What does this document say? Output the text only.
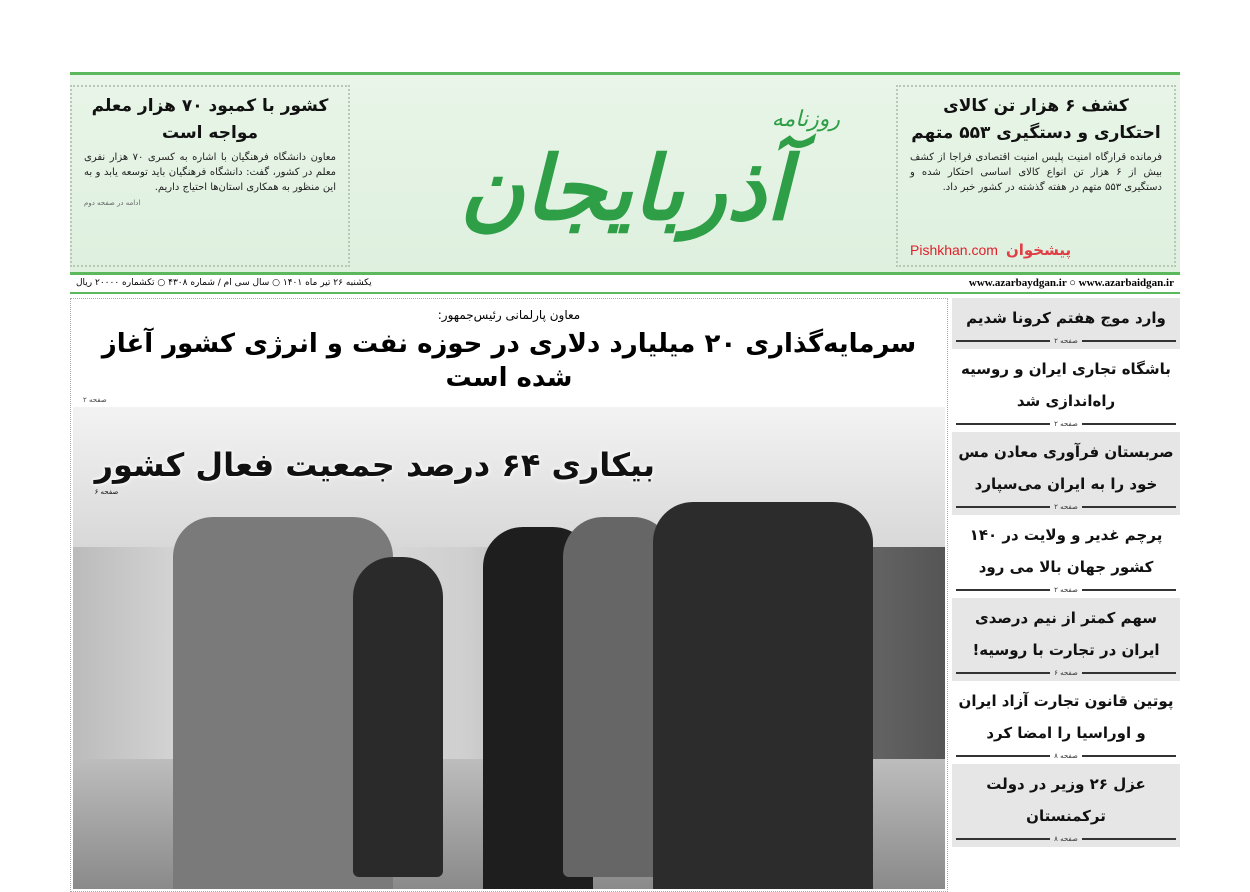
کشف ۶ هزار تن کالای احتکاری و دستگیری ۵۵۳ متهم

فرمانده قرارگاه امنیت پلیس امنیت اقتصادی فراجا از کشف بیش از ۶ هزار تن انواع کالای اساسی احتکار شده و دستگیری ۵۵۳ متهم در هفته گذشته در کشور خبر داد.

Pishkhan.com پیشخوان
روزنامه
آذربایجان
کشور با کمبود ۷۰ هزار معلم مواجه است

معاون دانشگاه فرهنگیان با اشاره به کسری ۷۰ هزار نفری معلم در کشور، گفت: دانشگاه فرهنگیان باید توسعه یابد و به این منظور به همکاری استان‌ها احتیاج داریم.

ادامه در صفحه دوم
www.azarbaydgan.ir ○ www.azarbaidgan.ir
یکشنبه ۲۶ تیر ماه ۱۴۰۱ ○ سال سی ام / شماره ۴۳۰۸ ○ تکشماره ۲۰۰۰۰ ریال
معاون پارلمانی رئیس‌جمهور:
سرمایه‌گذاری ۲۰ میلیارد دلاری در حوزه نفت و انرژی کشور آغاز شده است
صفحه ۲
بیکاری ۶۴ درصد جمعیت فعال کشور
صفحه ۶
وارد موج هفتم کرونا شدیم
صفحه ۲
باشگاه تجاری ایران و روسیه راه‌اندازی شد
صفحه ۲
صربستان فرآوری معادن مس خود را به ایران می‌سپارد
صفحه ۲
پرچم غدیر و ولایت در ۱۴۰ کشور جهان بالا می رود
صفحه ۲
سهم کمتر از نیم درصدی ایران در تجارت با روسیه!
صفحه ۶
پوتین قانون تجارت آزاد ایران و اوراسیا را امضا کرد
صفحه ۸
عزل ۲۶ وزیر در دولت ترکمنستان
صفحه ۸
